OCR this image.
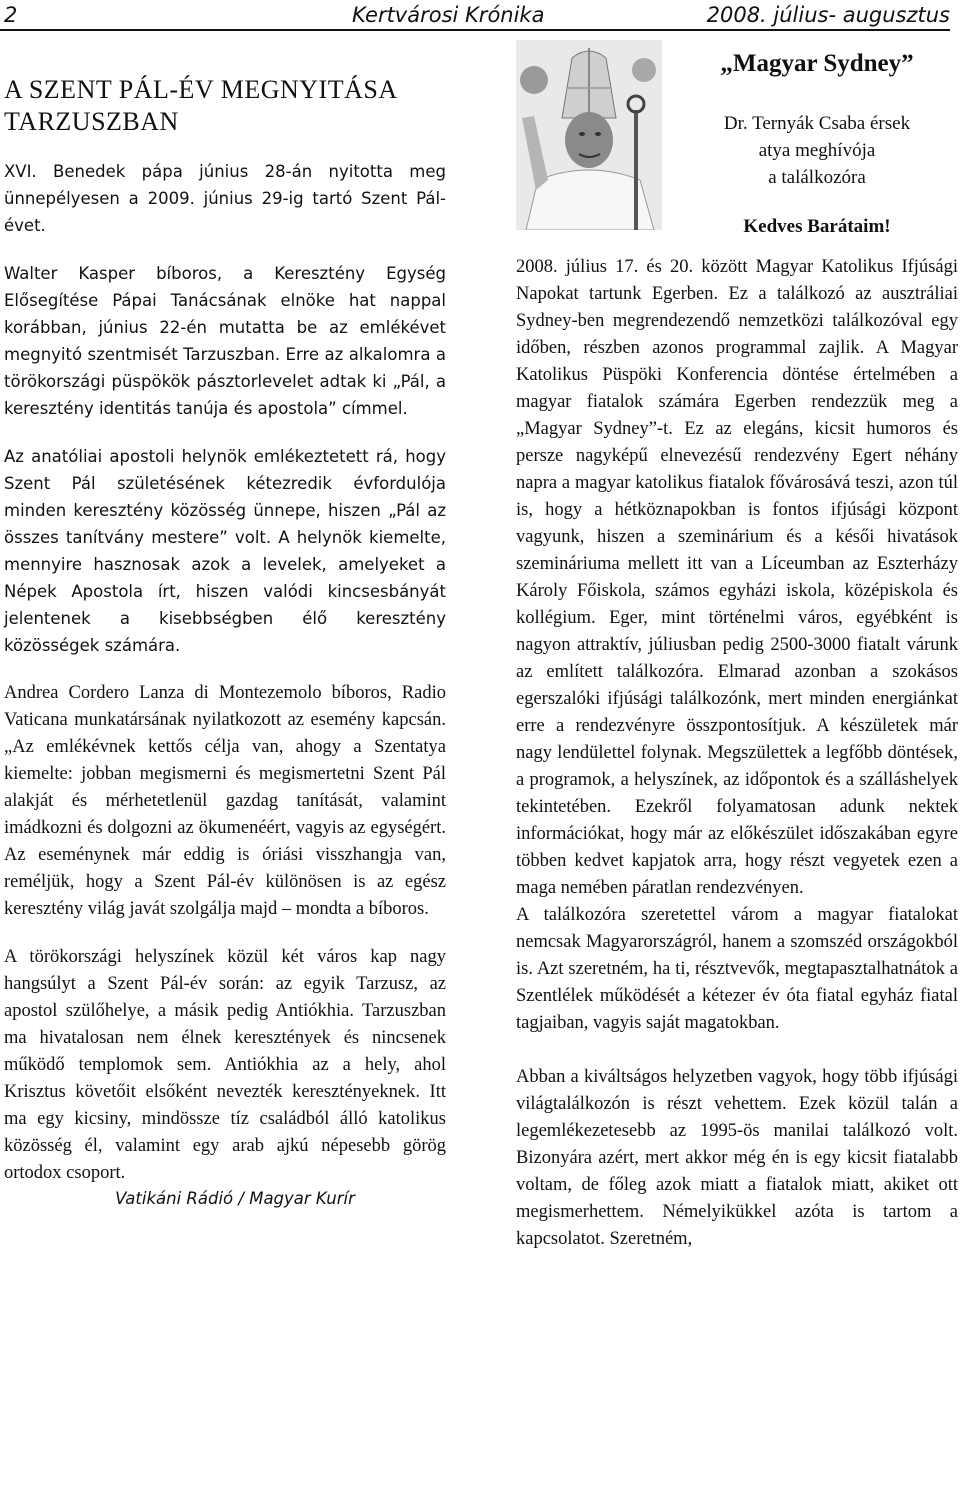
2	Kertvárosi Krónika	2008. július- augusztus
A SZENT PÁL-ÉV MEGNYITÁSA TARZUSZBAN

XVI. Benedek pápa június 28-án nyitotta meg ünnepélyesen a 2009. június 29-ig tartó Szent Pál-évet.

Walter Kasper bíboros, a Keresztény Egység Elősegítése Pápai Tanácsának elnöke hat nappal korábban, június 22-én mutatta be az emlékévet megnyitó szentmisét Tarzuszban. Erre az alkalomra a törökországi püspökök pásztorlevelet adtak ki „Pál, a keresztény identitás tanúja és apostola” címmel.

Az anatóliai apostoli helynök emlékeztetett rá, hogy Szent Pál születésének kétezredik évfordulója minden keresztény közösség ünnepe, hiszen „Pál az összes tanítvány mestere” volt. A helynök kiemelte, mennyire hasznosak azok a levelek, amelyeket a Népek Apostola írt, hiszen valódi kincsesbányát jelentenek a kisebbségben élő keresztény közösségek számára.

Andrea Cordero Lanza di Montezemolo bíboros, Radio Vaticana munkatársának nyilatkozott az esemény kapcsán. „Az emlékévnek kettős célja van, ahogy a Szentatya kiemelte: jobban megismerni és megismertetni Szent Pál alakját és mérhetetlenül gazdag tanítását, valamint imádkozni és dolgozni az ökumenéért, vagyis az egységért. Az eseménynek már eddig is óriási visszhangja van, reméljük, hogy a Szent Pál-év különösen is az egész keresztény világ javát szolgálja majd – mondta a bíboros.

A törökországi helyszínek közül két város kap nagy hangsúlyt a Szent Pál-év során: az egyik Tarzusz, az apostol szülőhelye, a másik pedig Antiókhia. Tarzuszban ma hivatalosan nem élnek keresztények és nincsenek működő templomok sem. Antiókhia az a hely, ahol Krisztus követőit elsőként nevezték keresztényeknek. Itt ma egy kicsiny, mindössze tíz családból álló katolikus közösség él, valamint egy arab ajkú népesebb görög ortodox csoport.

Vatikáni Rádió / Magyar Kurír
„Magyar Sydney”
Dr. Ternyák Csaba érsek
atya meghívója
a találkozóra
Kedves Barátaim!

2008. július 17. és 20. között Magyar Katolikus Ifjúsági Napokat tartunk Egerben. Ez a találkozó az ausztráliai Sydney-ben megrendezendő nemzetközi találkozóval egy időben, részben azonos programmal zajlik. A Magyar Katolikus Püspöki Konferencia döntése értelmében a magyar fiatalok számára Egerben rendezzük meg a „Magyar Sydney”-t. Ez az elegáns, kicsit humoros és persze nagyképű elnevezésű rendezvény Egert néhány napra a magyar katolikus fiatalok fővárosává teszi, azon túl is, hogy a hétköznapokban is fontos ifjúsági központ vagyunk, hiszen a szeminárium és a késői hivatások szemináriuma mellett itt van a Líceumban az Eszterházy Károly Főiskola, számos egyházi iskola, középiskola és kollégium. Eger, mint történelmi város, egyébként is nagyon attraktív, júliusban pedig 2500-3000 fiatalt várunk az említett találkozóra. Elmarad azonban a szokásos egerszalóki ifjúsági találkozónk, mert minden energiánkat erre a rendezvényre összpontosítjuk. A készületek már nagy lendülettel folynak. Megszülettek a legfőbb döntések, a programok, a helyszínek, az időpontok és a szálláshelyek tekintetében. Ezekről folyamatosan adunk nektek információkat, hogy már az előkészület időszakában egyre többen kedvet kapjatok arra, hogy részt vegyetek ezen a maga nemében páratlan rendezvényen.

A találkozóra szeretettel várom a magyar fiatalokat nemcsak Magyarországról, hanem a szomszéd országokból is. Azt szeretném, ha ti, résztvevők, megtapasztalhatnátok a Szentlélek működését a kétezer év óta fiatal egyház fiatal tagjaiban, vagyis saját magatokban.

Abban a kiváltságos helyzetben vagyok, hogy több ifjúsági világtalálkozón is részt vehettem. Ezek közül talán a legemlékezetesebb az 1995-ös manilai találkozó volt. Bizonyára azért, mert akkor még én is egy kicsit fiatalabb voltam, de főleg azok miatt a fiatalok miatt, akiket ott megismerhettem. Némelyikükkel azóta is tartom a kapcsolatot. Szeretném,
